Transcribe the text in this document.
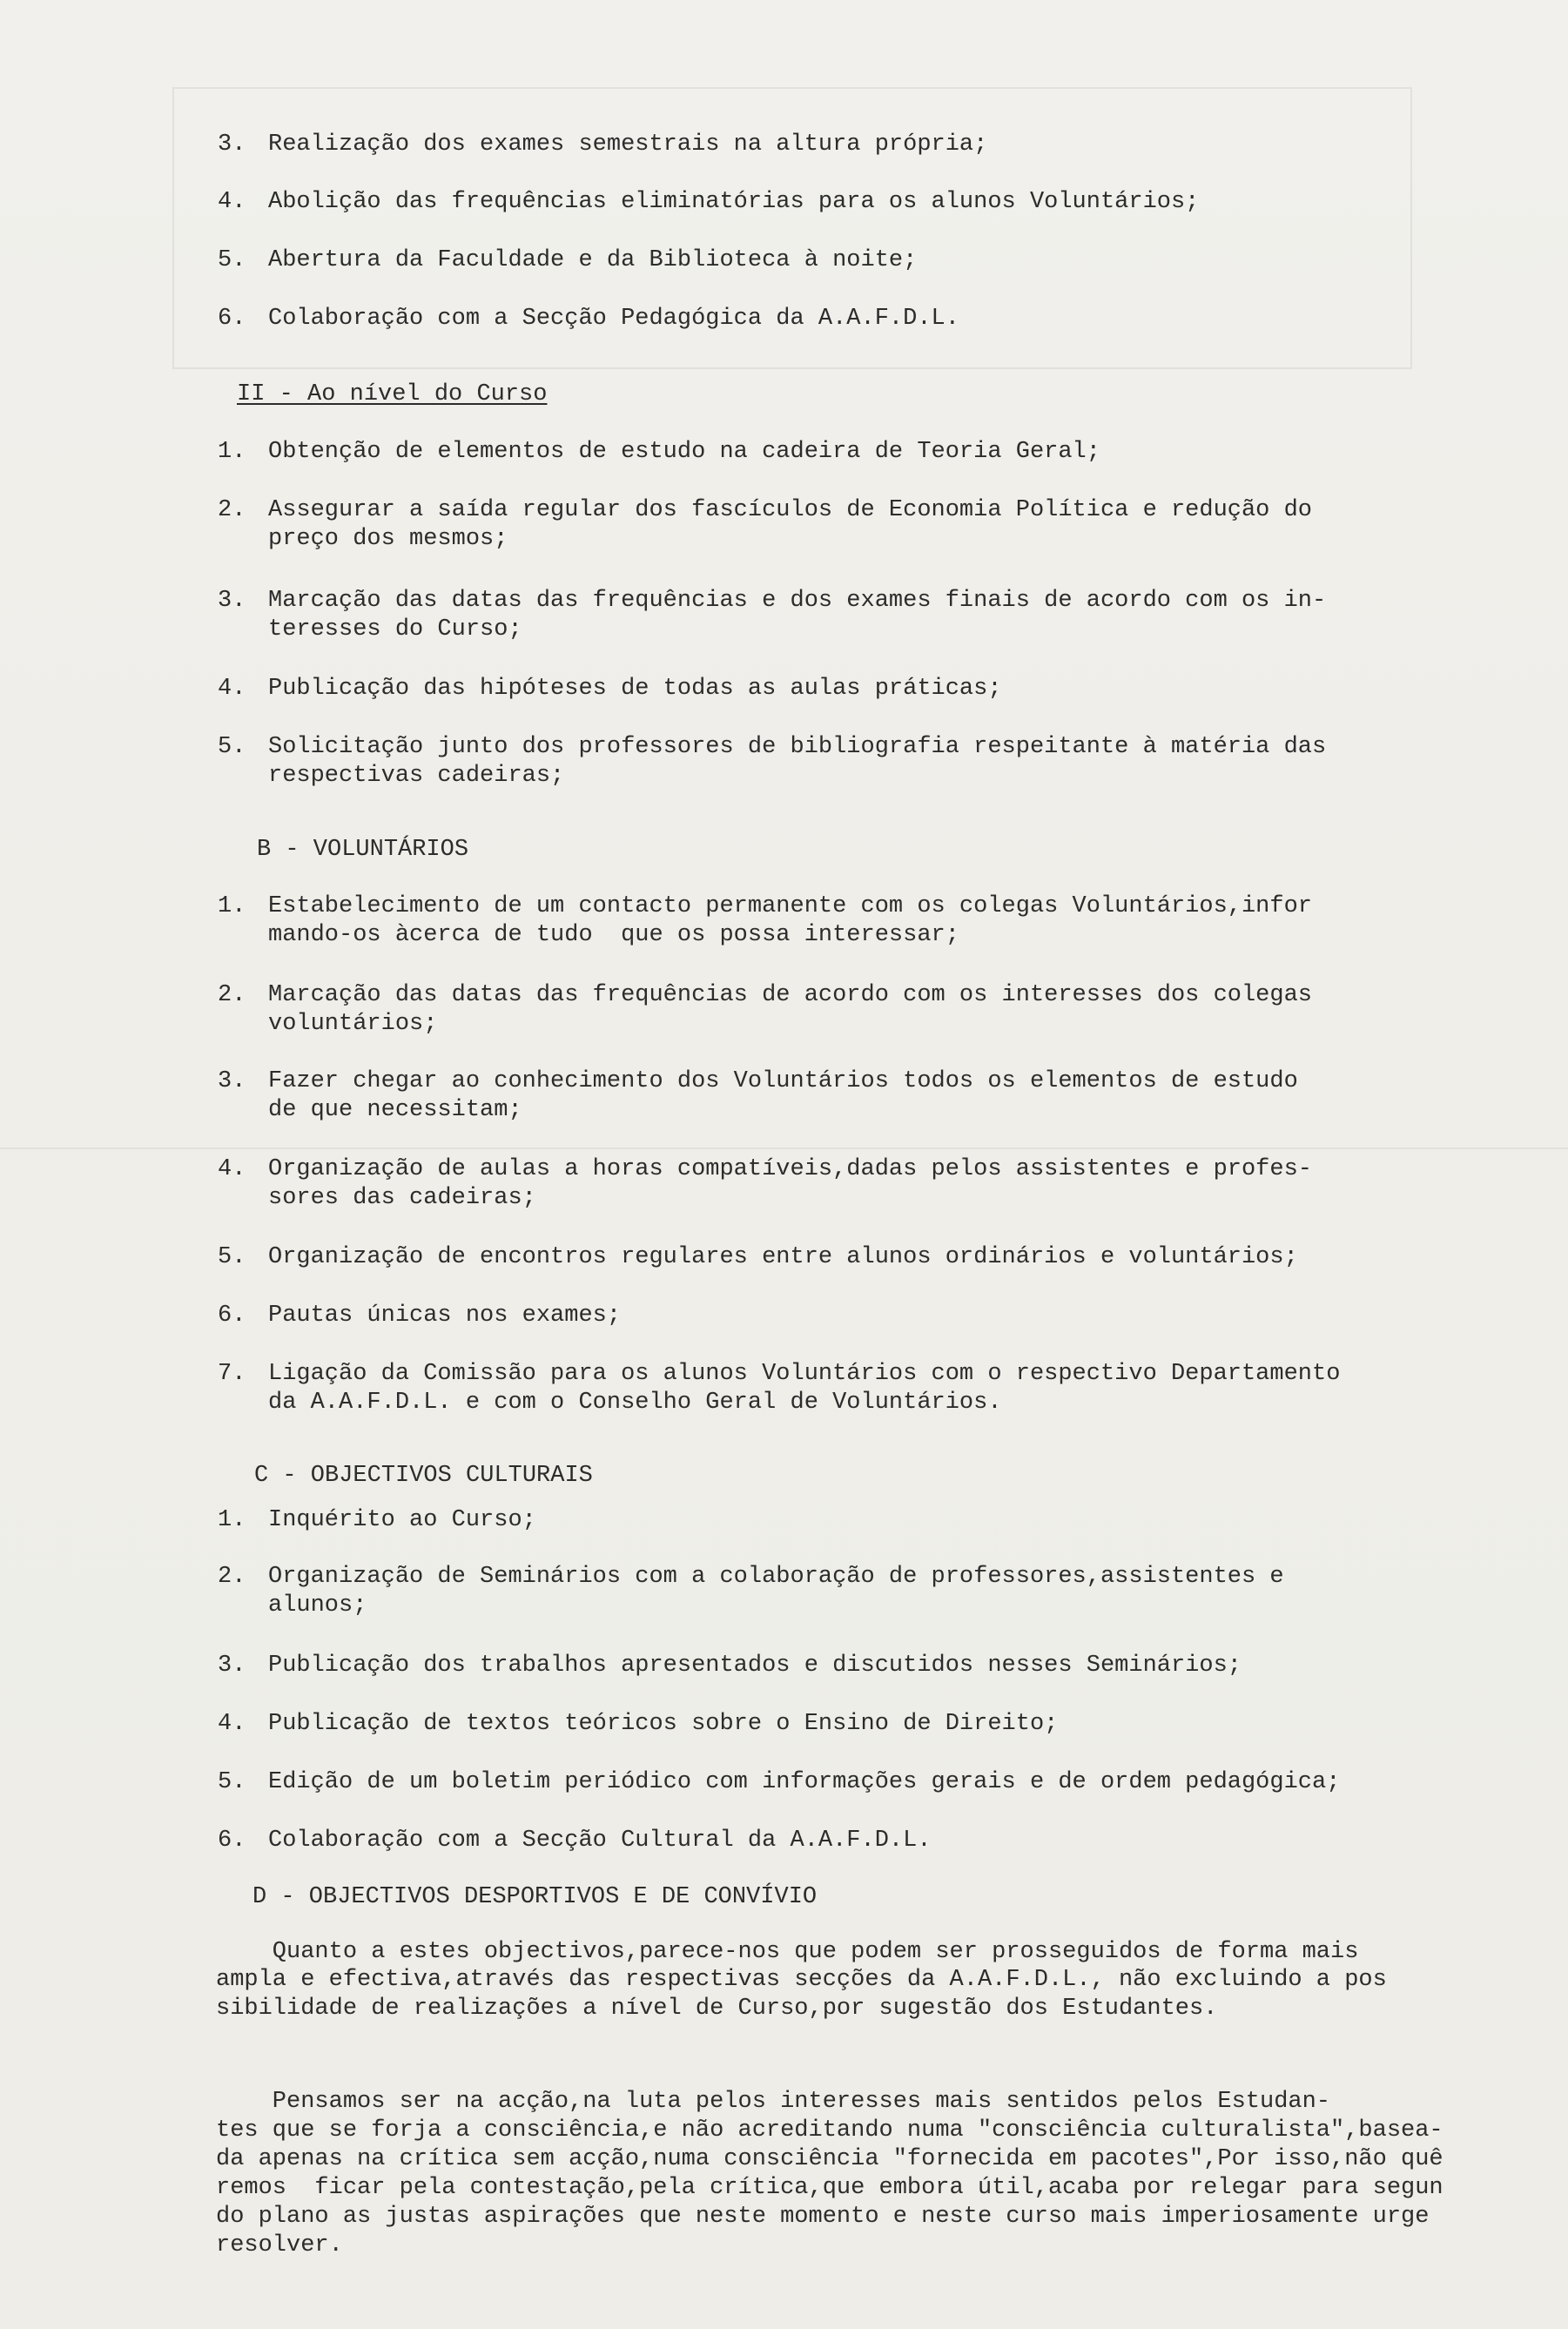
3. Realização dos exames semestrais na altura própria;
4. Abolição das frequências eliminatórias para os alunos Voluntários;
5. Abertura da Faculdade e da Biblioteca à noite;
6. Colaboração com a Secção Pedagógica da A.A.F.D.L.
II - Ao nível do Curso
1. Obtenção de elementos de estudo na cadeira de Teoria Geral;
2. Assegurar a saída regular dos fascículos de Economia Política e redução do
preço dos mesmos;
3. Marcação das datas das frequências e dos exames finais de acordo com os in-
teresses do Curso;
4. Publicação das hipóteses de todas as aulas práticas;
5. Solicitação junto dos professores de bibliografia respeitante à matéria das
respectivas cadeiras;
B - VOLUNTÁRIOS
1. Estabelecimento de um contacto permanente com os colegas Voluntários,infor
mando-os àcerca de tudo  que os possa interessar;
2. Marcação das datas das frequências de acordo com os interesses dos colegas
voluntários;
3. Fazer chegar ao conhecimento dos Voluntários todos os elementos de estudo
de que necessitam;
4. Organização de aulas a horas compatíveis,dadas pelos assistentes e profes-
sores das cadeiras;
5. Organização de encontros regulares entre alunos ordinários e voluntários;
6. Pautas únicas nos exames;
7. Ligação da Comissão para os alunos Voluntários com o respectivo Departamento
da A.A.F.D.L. e com o Conselho Geral de Voluntários.
C - OBJECTIVOS CULTURAIS
1. Inquérito ao Curso;
2. Organização de Seminários com a colaboração de professores,assistentes e
alunos;
3. Publicação dos trabalhos apresentados e discutidos nesses Seminários;
4. Publicação de textos teóricos sobre o Ensino de Direito;
5. Edição de um boletim periódico com informações gerais e de ordem pedagógica;
6. Colaboração com a Secção Cultural da A.A.F.D.L.
D - OBJECTIVOS DESPORTIVOS E DE CONVÍVIO
Quanto a estes objectivos,parece-nos que podem ser prosseguidos de forma mais
ampla e efectiva,através das respectivas secções da A.A.F.D.L., não excluindo a pos
sibilidade de realizações a nível de Curso,por sugestão dos Estudantes.
Pensamos ser na acção,na luta pelos interesses mais sentidos pelos Estudan-
tes que se forja a consciência,e não acreditando numa "consciência culturalista",basea-
da apenas na crítica sem acção,numa consciência "fornecida em pacotes",Por isso,não quê
remos  ficar pela contestação,pela crítica,que embora útil,acaba por relegar para segun
do plano as justas aspirações que neste momento e neste curso mais imperiosamente urge
resolver.
